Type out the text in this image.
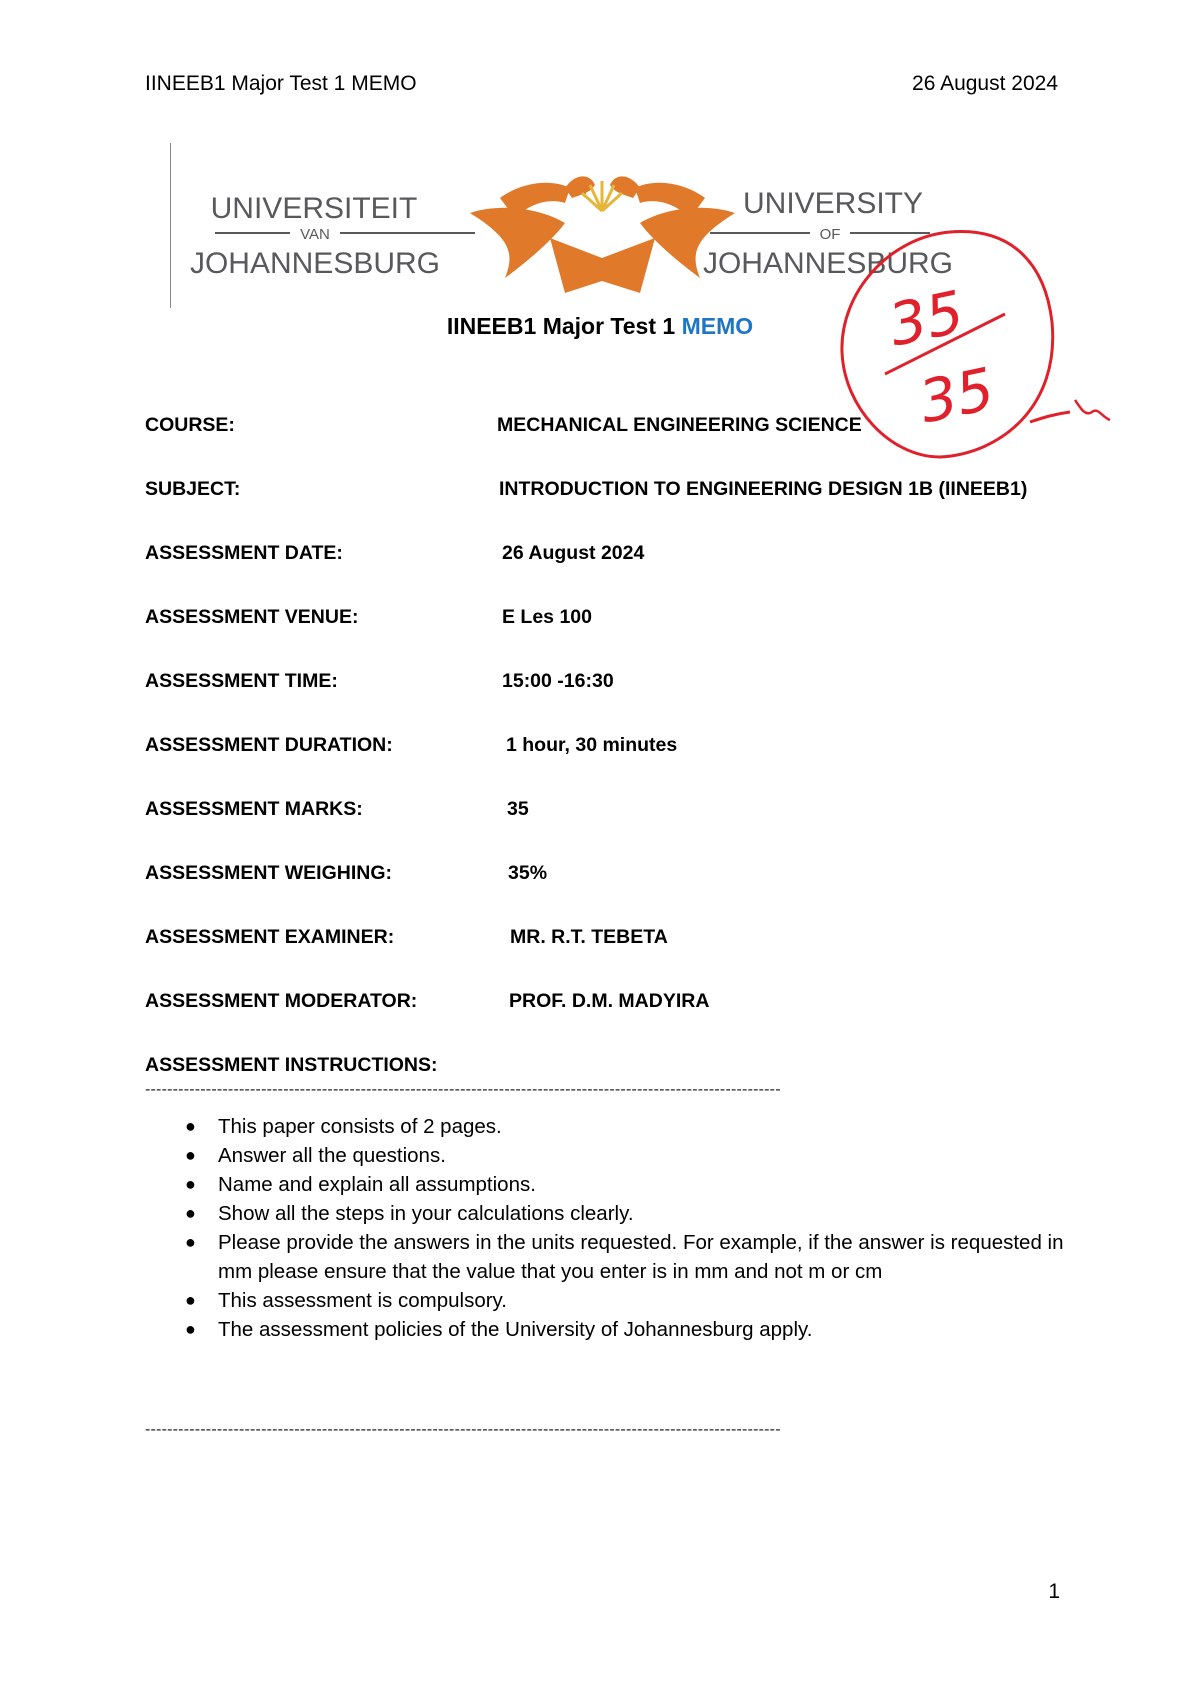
IINEEB1 Major Test 1 MEMO	26 August 2024
UNIVERSITEIT
VAN
JOHANNESBURG
UNIVERSITY
OF
JOHANNESBURG
IINEEB1 Major Test 1 MEMO
COURSE:	MECHANICAL ENGINEERING SCIENCE
SUBJECT:	INTRODUCTION TO ENGINEERING DESIGN 1B (IINEEB1)
ASSESSMENT DATE:	26 August 2024
ASSESSMENT VENUE:	E Les 100
ASSESSMENT TIME:	15:00 -16:30
ASSESSMENT DURATION:	1 hour, 30 minutes
ASSESSMENT MARKS:	35
ASSESSMENT WEIGHING:	35%
ASSESSMENT EXAMINER:	MR. R.T. TEBETA
ASSESSMENT MODERATOR:	PROF. D.M. MADYIRA
ASSESSMENT INSTRUCTIONS:
-------------------------------------------------------------------------------------------------------------------
● This paper consists of 2 pages.
● Answer all the questions.
● Name and explain all assumptions.
● Show all the steps in your calculations clearly.
● Please provide the answers in the units requested. For example, if the answer is requested in mm please ensure that the value that you enter is in mm and not m or cm
● This assessment is compulsory.
● The assessment policies of the University of Johannesburg apply.
-------------------------------------------------------------------------------------------------------------------
1
35
35
